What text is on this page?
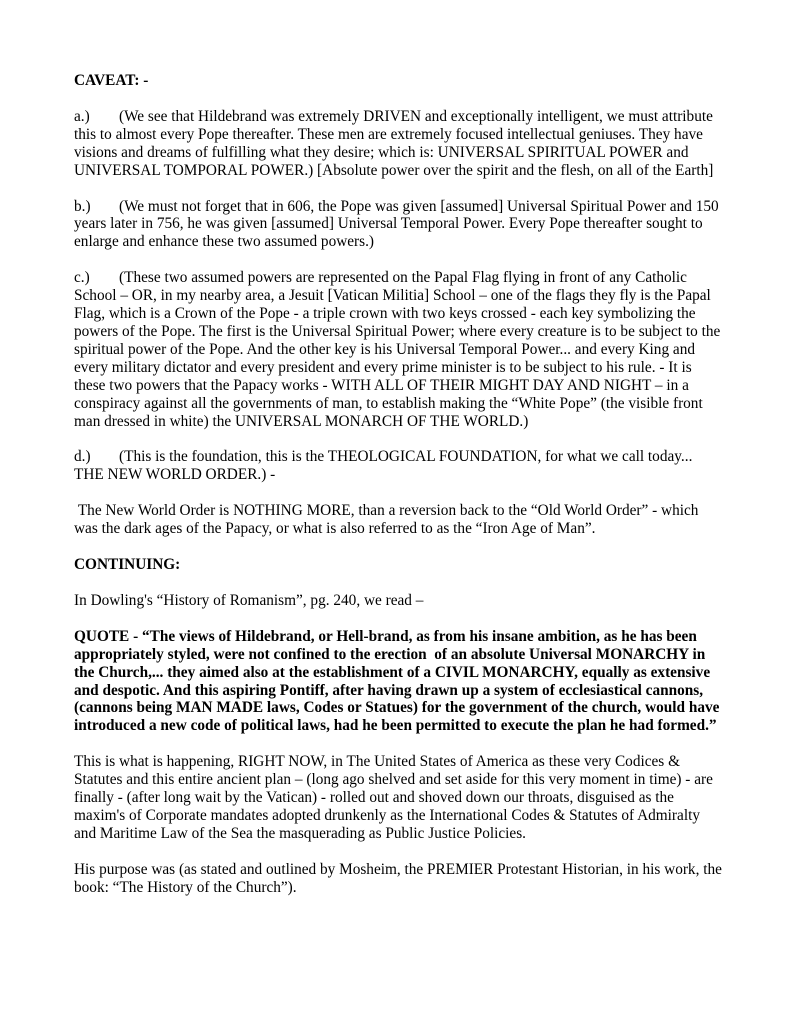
CAVEAT: -

a.) (We see that Hildebrand was extremely DRIVEN and exceptionally intelligent, we must attribute this to almost every Pope thereafter. These men are extremely focused intellectual geniuses. They have visions and dreams of fulfilling what they desire; which is: UNIVERSAL SPIRITUAL POWER and UNIVERSAL TOMPORAL POWER.) [Absolute power over the spirit and the flesh, on all of the Earth]

b.) (We must not forget that in 606, the Pope was given [assumed] Universal Spiritual Power and 150 years later in 756, he was given [assumed] Universal Temporal Power. Every Pope thereafter sought to enlarge and enhance these two assumed powers.)

c.) (These two assumed powers are represented on the Papal Flag flying in front of any Catholic School – OR, in my nearby area, a Jesuit [Vatican Militia] School – one of the flags they fly is the Papal Flag, which is a Crown of the Pope - a triple crown with two keys crossed - each key symbolizing the powers of the Pope. The first is the Universal Spiritual Power; where every creature is to be subject to the spiritual power of the Pope. And the other key is his Universal Temporal Power... and every King and every military dictator and every president and every prime minister is to be subject to his rule. - It is these two powers that the Papacy works - WITH ALL OF THEIR MIGHT DAY AND NIGHT – in a conspiracy against all the governments of man, to establish making the “White Pope” (the visible front man dressed in white) the UNIVERSAL MONARCH OF THE WORLD.)

d.) (This is the foundation, this is the THEOLOGICAL FOUNDATION, for what we call today... THE NEW WORLD ORDER.) -

The New World Order is NOTHING MORE, than a reversion back to the “Old World Order” - which was the dark ages of the Papacy, or what is also referred to as the “Iron Age of Man”.

CONTINUING:

In Dowling's “History of Romanism”, pg. 240, we read –

QUOTE - “The views of Hildebrand, or Hell-brand, as from his insane ambition, as he has been appropriately styled, were not confined to the erection  of an absolute Universal MONARCHY in the Church,... they aimed also at the establishment of a CIVIL MONARCHY, equally as extensive and despotic. And this aspiring Pontiff, after having drawn up a system of ecclesiastical cannons, (cannons being MAN MADE laws, Codes or Statues) for the government of the church, would have introduced a new code of political laws, had he been permitted to execute the plan he had formed.”

This is what is happening, RIGHT NOW, in The United States of America as these very Codices & Statutes and this entire ancient plan – (long ago shelved and set aside for this very moment in time) - are finally - (after long wait by the Vatican) - rolled out and shoved down our throats, disguised as the maxim's of Corporate mandates adopted drunkenly as the International Codes & Statutes of Admiralty and Maritime Law of the Sea the masquerading as Public Justice Policies.

His purpose was (as stated and outlined by Mosheim, the PREMIER Protestant Historian, in his work, the book: “The History of the Church”).
